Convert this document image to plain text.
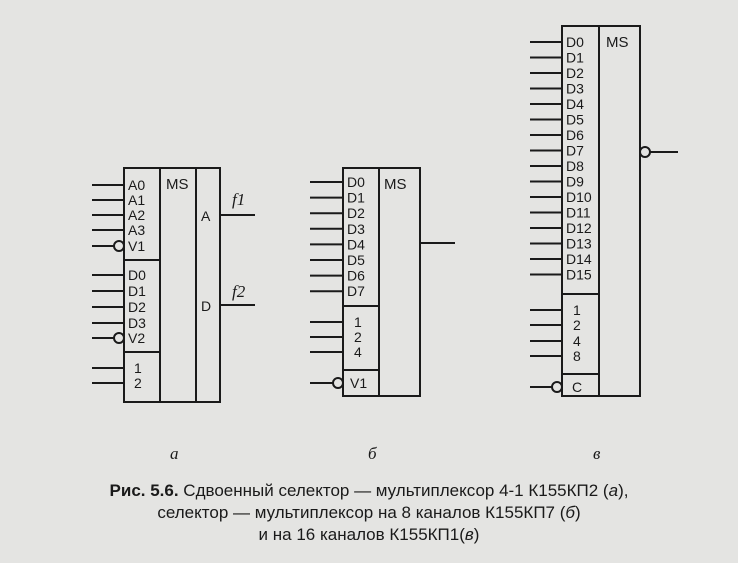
MS
A0
A1
A2
A3
V1
D0
D1
D2
D3
V2
1
2
A
D
f1
f2
MS
D0
D1
D2
D3
D4
D5
D6
D7
1
2
4
V1
MS
D0
D1
D2
D3
D4
D5
D6
D7
D8
D9
D10
D11
D12
D13
D14
D15
1
2
4
8
C
а	б	в
Рис. 5.6. Сдвоенный селектор — мультиплексор 4-1 К155КП2 (а),
селектор — мультиплексор на 8 каналов К155КП7 (б)
и на 16 каналов К155КП1(в)
